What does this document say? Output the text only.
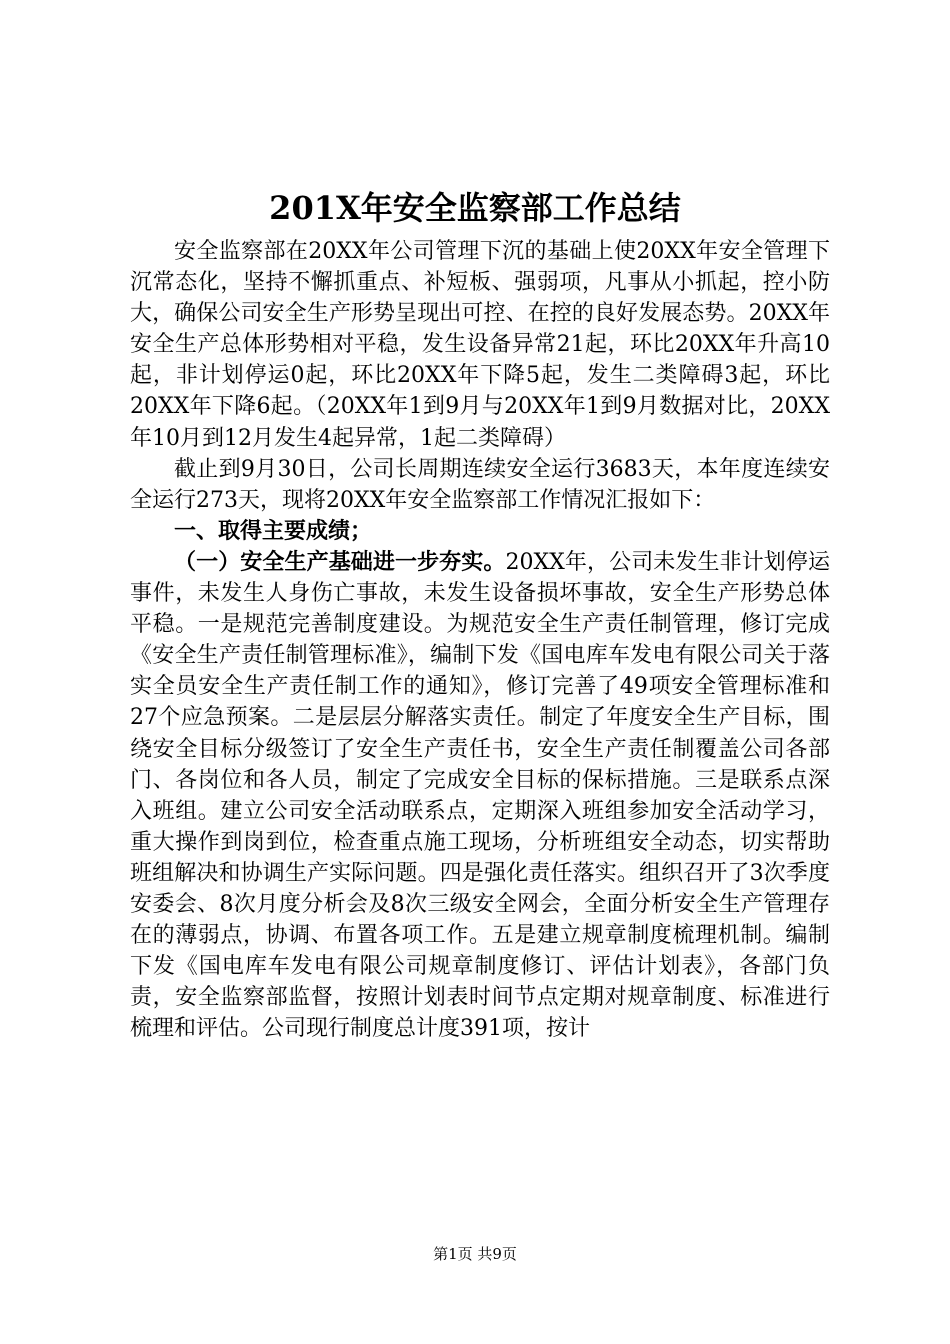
201X年安全监察部工作总结

安全监察部在20XX年公司管理下沉的基础上使20XX年安全管理下沉常态化，坚持不懈抓重点、补短板、强弱项，凡事从小抓起，控小防大，确保公司安全生产形势呈现出可控、在控的良好发展态势。20XX年安全生产总体形势相对平稳，发生设备异常21起，环比20XX年升高10起，非计划停运0起，环比20XX年下降5起，发生二类障碍3起，环比20XX年下降6起。（20XX年1到9月与20XX年1到9月数据对比，20XX年10月到12月发生4起异常，1起二类障碍）

截止到9月30日，公司长周期连续安全运行3683天，本年度连续安全运行273天，现将20XX年安全监察部工作情况汇报如下：

一、取得主要成绩；

（一）安全生产基础进一步夯实。20XX年，公司未发生非计划停运事件，未发生人身伤亡事故，未发生设备损坏事故，安全生产形势总体平稳。一是规范完善制度建设。为规范安全生产责任制管理，修订完成《安全生产责任制管理标准》，编制下发《国电库车发电有限公司关于落实全员安全生产责任制工作的通知》，修订完善了49项安全管理标准和27个应急预案。二是层层分解落实责任。制定了年度安全生产目标，围绕安全目标分级签订了安全生产责任书，安全生产责任制覆盖公司各部门、各岗位和各人员，制定了完成安全目标的保标措施。三是联系点深入班组。建立公司安全活动联系点，定期深入班组参加安全活动学习，重大操作到岗到位，检查重点施工现场，分析班组安全动态，切实帮助班组解决和协调生产实际问题。四是强化责任落实。组织召开了3次季度安委会、8次月度分析会及8次三级安全网会，全面分析安全生产管理存在的薄弱点，协调、布置各项工作。五是建立规章制度梳理机制。编制下发《国电库车发电有限公司规章制度修订、评估计划表》，各部门负责，安全监察部监督，按照计划表时间节点定期对规章制度、标准进行梳理和评估。公司现行制度总计度391项，按计

第1页 共9页
